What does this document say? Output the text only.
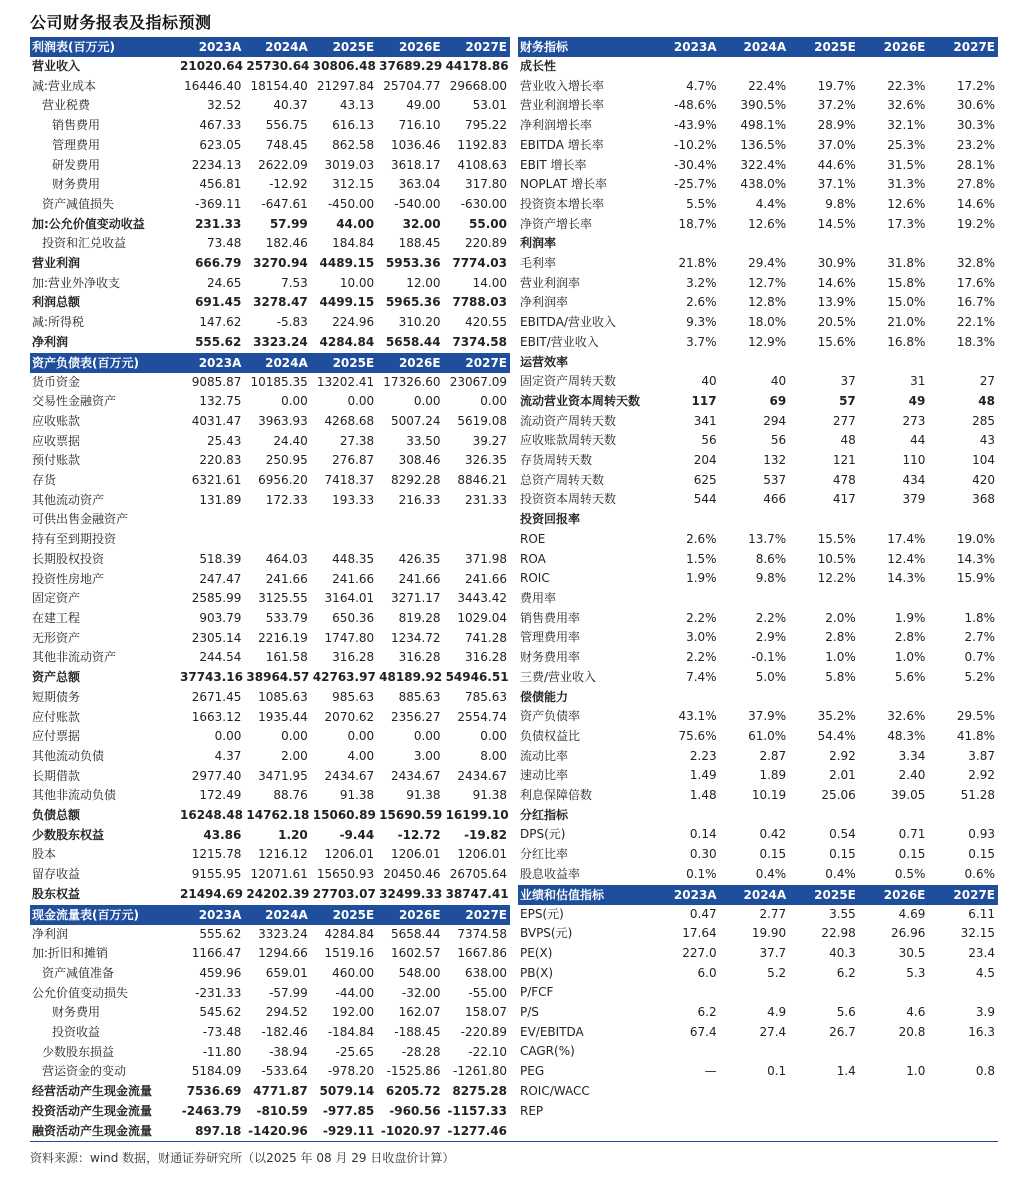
公司财务报表及指标预测
利润表(百万元)	2023A	2024A	2025E	2026E	2027E
营业收入	21020.64	25730.64	30806.48	37689.29	44178.86
减:营业成本	16446.40	18154.40	21297.84	25704.77	29668.00
营业税费	32.52	40.37	43.13	49.00	53.01
销售费用	467.33	556.75	616.13	716.10	795.22
管理费用	623.05	748.45	862.58	1036.46	1192.83
研发费用	2234.13	2622.09	3019.03	3618.17	4108.63
财务费用	456.81	-12.92	312.15	363.04	317.80
资产减值损失	-369.11	-647.61	-450.00	-540.00	-630.00
加:公允价值变动收益	231.33	57.99	44.00	32.00	55.00
投资和汇兑收益	73.48	182.46	184.84	188.45	220.89
营业利润	666.79	3270.94	4489.15	5953.36	7774.03
加:营业外净收支	24.65	7.53	10.00	12.00	14.00
利润总额	691.45	3278.47	4499.15	5965.36	7788.03
减:所得税	147.62	-5.83	224.96	310.20	420.55
净利润	555.62	3323.24	4284.84	5658.44	7374.58
资产负债表(百万元)	2023A	2024A	2025E	2026E	2027E
货币资金	9085.87	10185.35	13202.41	17326.60	23067.09
交易性金融资产	132.75	0.00	0.00	0.00	0.00
应收账款	4031.47	3963.93	4268.68	5007.24	5619.08
应收票据	25.43	24.40	27.38	33.50	39.27
预付账款	220.83	250.95	276.87	308.46	326.35
存货	6321.61	6956.20	7418.37	8292.28	8846.21
其他流动资产	131.89	172.33	193.33	216.33	231.33
可供出售金融资产					
持有至到期投资					
长期股权投资	518.39	464.03	448.35	426.35	371.98
投资性房地产	247.47	241.66	241.66	241.66	241.66
固定资产	2585.99	3125.55	3164.01	3271.17	3443.42
在建工程	903.79	533.79	650.36	819.28	1029.04
无形资产	2305.14	2216.19	1747.80	1234.72	741.28
其他非流动资产	244.54	161.58	316.28	316.28	316.28
资产总额	37743.16	38964.57	42763.97	48189.92	54946.51
短期债务	2671.45	1085.63	985.63	885.63	785.63
应付账款	1663.12	1935.44	2070.62	2356.27	2554.74
应付票据	0.00	0.00	0.00	0.00	0.00
其他流动负债	4.37	2.00	4.00	3.00	8.00
长期借款	2977.40	3471.95	2434.67	2434.67	2434.67
其他非流动负债	172.49	88.76	91.38	91.38	91.38
负债总额	16248.48	14762.18	15060.89	15690.59	16199.10
少数股东权益	43.86	1.20	-9.44	-12.72	-19.82
股本	1215.78	1216.12	1206.01	1206.01	1206.01
留存收益	9155.95	12071.61	15650.93	20450.46	26705.64
股东权益	21494.69	24202.39	27703.07	32499.33	38747.41
现金流量表(百万元)	2023A	2024A	2025E	2026E	2027E
净利润	555.62	3323.24	4284.84	5658.44	7374.58
加:折旧和摊销	1166.47	1294.66	1519.16	1602.57	1667.86
资产减值准备	459.96	659.01	460.00	548.00	638.00
公允价值变动损失	-231.33	-57.99	-44.00	-32.00	-55.00
财务费用	545.62	294.52	192.00	162.07	158.07
投资收益	-73.48	-182.46	-184.84	-188.45	-220.89
少数股东损益	-11.80	-38.94	-25.65	-28.28	-22.10
营运资金的变动	5184.09	-533.64	-978.20	-1525.86	-1261.80
经营活动产生现金流量	7536.69	4771.87	5079.14	6205.72	8275.28
投资活动产生现金流量	-2463.79	-810.59	-977.85	-960.56	-1157.33
融资活动产生现金流量	897.18	-1420.96	-929.11	-1020.97	-1277.46
财务指标	2023A	2024A	2025E	2026E	2027E
成长性					
营业收入增长率	4.7%	22.4%	19.7%	22.3%	17.2%
营业利润增长率	-48.6%	390.5%	37.2%	32.6%	30.6%
净利润增长率	-43.9%	498.1%	28.9%	32.1%	30.3%
EBITDA 增长率	-10.2%	136.5%	37.0%	25.3%	23.2%
EBIT 增长率	-30.4%	322.4%	44.6%	31.5%	28.1%
NOPLAT 增长率	-25.7%	438.0%	37.1%	31.3%	27.8%
投资资本增长率	5.5%	4.4%	9.8%	12.6%	14.6%
净资产增长率	18.7%	12.6%	14.5%	17.3%	19.2%
利润率					
毛利率	21.8%	29.4%	30.9%	31.8%	32.8%
营业利润率	3.2%	12.7%	14.6%	15.8%	17.6%
净利润率	2.6%	12.8%	13.9%	15.0%	16.7%
EBITDA/营业收入	9.3%	18.0%	20.5%	21.0%	22.1%
EBIT/营业收入	3.7%	12.9%	15.6%	16.8%	18.3%
运营效率					
固定资产周转天数	40	40	37	31	27
流动营业资本周转天数	117	69	57	49	48
流动资产周转天数	341	294	277	273	285
应收账款周转天数	56	56	48	44	43
存货周转天数	204	132	121	110	104
总资产周转天数	625	537	478	434	420
投资资本周转天数	544	466	417	379	368
投资回报率					
ROE	2.6%	13.7%	15.5%	17.4%	19.0%
ROA	1.5%	8.6%	10.5%	12.4%	14.3%
ROIC	1.9%	9.8%	12.2%	14.3%	15.9%
费用率					
销售费用率	2.2%	2.2%	2.0%	1.9%	1.8%
管理费用率	3.0%	2.9%	2.8%	2.8%	2.7%
财务费用率	2.2%	-0.1%	1.0%	1.0%	0.7%
三费/营业收入	7.4%	5.0%	5.8%	5.6%	5.2%
偿债能力					
资产负债率	43.1%	37.9%	35.2%	32.6%	29.5%
负债权益比	75.6%	61.0%	54.4%	48.3%	41.8%
流动比率	2.23	2.87	2.92	3.34	3.87
速动比率	1.49	1.89	2.01	2.40	2.92
利息保障倍数	1.48	10.19	25.06	39.05	51.28
分红指标					
DPS(元)	0.14	0.42	0.54	0.71	0.93
分红比率	0.30	0.15	0.15	0.15	0.15
股息收益率	0.1%	0.4%	0.4%	0.5%	0.6%
业绩和估值指标	2023A	2024A	2025E	2026E	2027E
EPS(元)	0.47	2.77	3.55	4.69	6.11
BVPS(元)	17.64	19.90	22.98	26.96	32.15
PE(X)	227.0	37.7	40.3	30.5	23.4
PB(X)	6.0	5.2	6.2	5.3	4.5
P/FCF					
P/S	6.2	4.9	5.6	4.6	3.9
EV/EBITDA	67.4	27.4	26.7	20.8	16.3
CAGR(%)					
PEG	—	0.1	1.4	1.0	0.8
ROIC/WACC					
REP					
资料来源：wind 数据，财通证券研究所（以2025 年 08 月 29 日收盘价计算）
